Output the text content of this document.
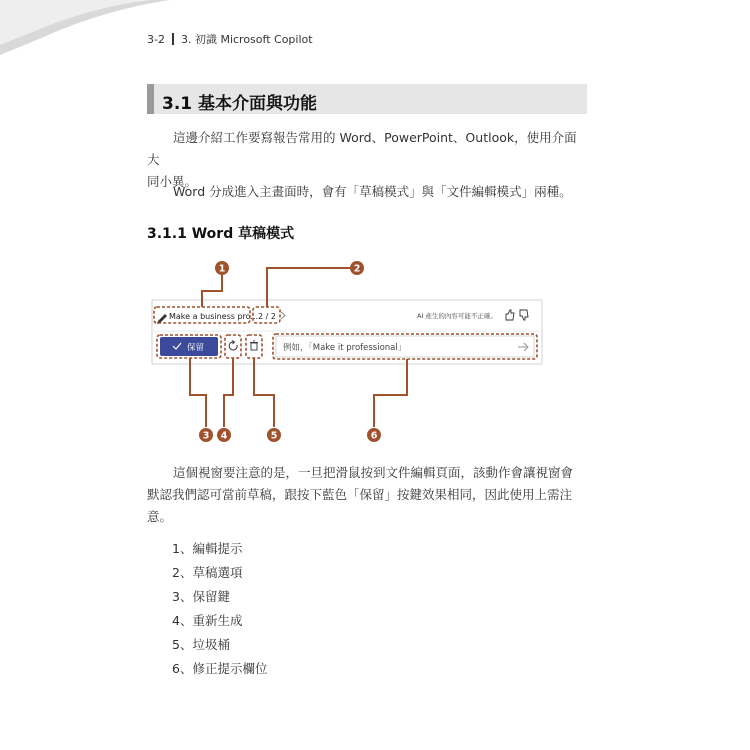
3-2 3. 初識 Microsoft Copilot
3.1 基本介面與功能
這邊介紹工作要寫報告常用的 Word、PowerPoint、Outlook，使用介面大
同小異。
Word 分成進入主畫面時，會有「草稿模式」與「文件編輯模式」兩種。
3.1.1 Word 草稿模式
Make a business pro... 2 / 2	AI 產生的內容可能不正確。
保留	例如，「Make it professional」
1	2
3 4	5	6
這個視窗要注意的是，一旦把滑鼠按到文件編輯頁面，該動作會讓視窗會
默認我們認可當前草稿，跟按下藍色「保留」按鍵效果相同，因此使用上需注
意。
1、編輯提示
2、草稿選項
3、保留鍵
4、重新生成
5、垃圾桶
6、修正提示欄位
